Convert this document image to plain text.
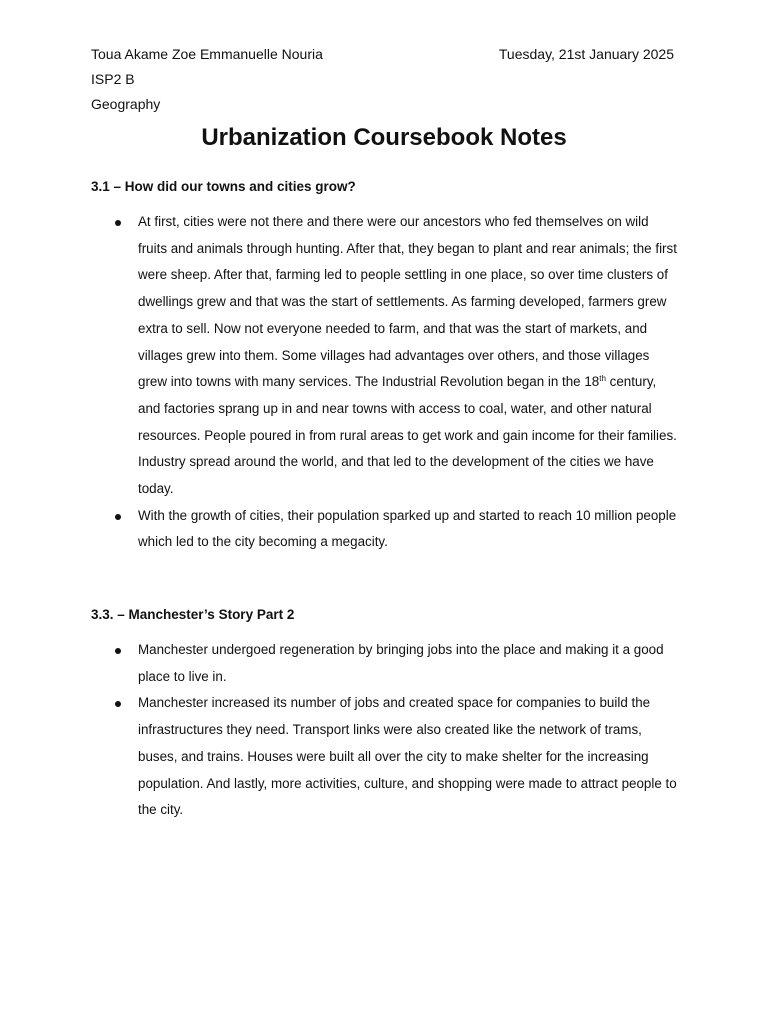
Toua Akame Zoe Emmanuelle Nouria	Tuesday, 21st January 2025
ISP2 B
Geography
Urbanization Coursebook Notes
3.1 – How did our towns and cities grow?
At first, cities were not there and there were our ancestors who fed themselves on wild fruits and animals through hunting. After that, they began to plant and rear animals; the first were sheep. After that, farming led to people settling in one place, so over time clusters of dwellings grew and that was the start of settlements. As farming developed, farmers grew extra to sell. Now not everyone needed to farm, and that was the start of markets, and villages grew into them. Some villages had advantages over others, and those villages grew into towns with many services. The Industrial Revolution began in the 18th century, and factories sprang up in and near towns with access to coal, water, and other natural resources. People poured in from rural areas to get work and gain income for their families. Industry spread around the world, and that led to the development of the cities we have today.
With the growth of cities, their population sparked up and started to reach 10 million people which led to the city becoming a megacity.
3.3. – Manchester’s Story Part 2
Manchester undergoed regeneration by bringing jobs into the place and making it a good place to live in.
Manchester increased its number of jobs and created space for companies to build the infrastructures they need. Transport links were also created like the network of trams, buses, and trains. Houses were built all over the city to make shelter for the increasing population. And lastly, more activities, culture, and shopping were made to attract people to the city.
